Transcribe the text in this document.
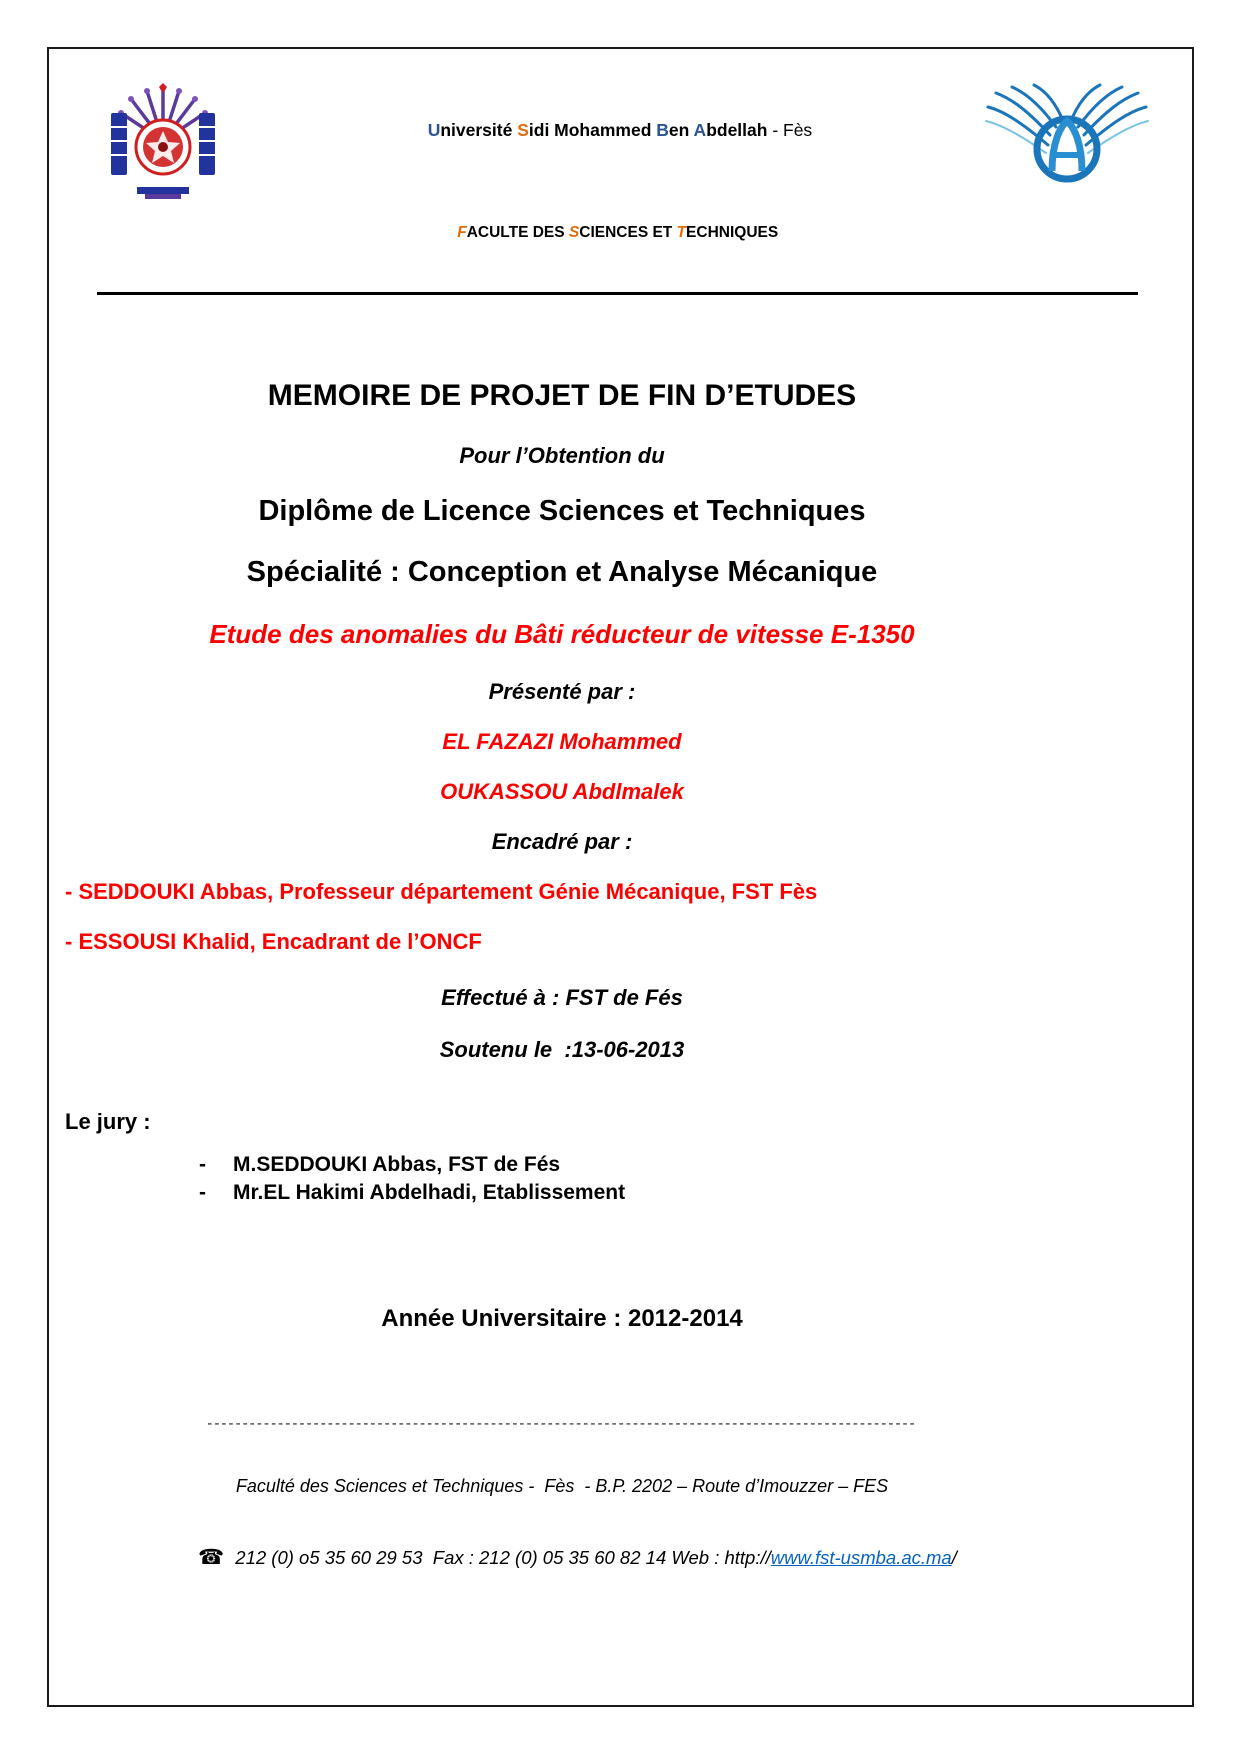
Université Sidi Mohammed Ben Abdellah - Fès

FACULTE DES SCIENCES ET TECHNIQUES

MEMOIRE DE PROJET DE FIN D’ETUDES
Pour l’Obtention du
Diplôme de Licence Sciences et Techniques
Spécialité : Conception et Analyse Mécanique
Etude des anomalies du Bâti réducteur de vitesse E-1350
Présenté par :
EL FAZAZI Mohammed
OUKASSOU Abdlmalek
Encadré par :
- SEDDOUKI Abbas, Professeur département Génie Mécanique, FST Fès
- ESSOUSI Khalid, Encadrant de l’ONCF
Effectué à : FST de Fés
Soutenu le  :13-06-2013
Le jury :
-	M.SEDDOUKI Abbas, FST de Fés
-	Mr.EL Hakimi Abdelhadi, Etablissement
Année Universitaire : 2012-2014
----------------------------------------------------------------------------------------------------
Faculté des Sciences et Techniques -  Fès  - B.P. 2202 – Route d’Imouzzer – FES

☎ 212 (0) o5 35 60 29 53  Fax : 212 (0) 05 35 60 82 14 Web : http://www.fst-usmba.ac.ma/
